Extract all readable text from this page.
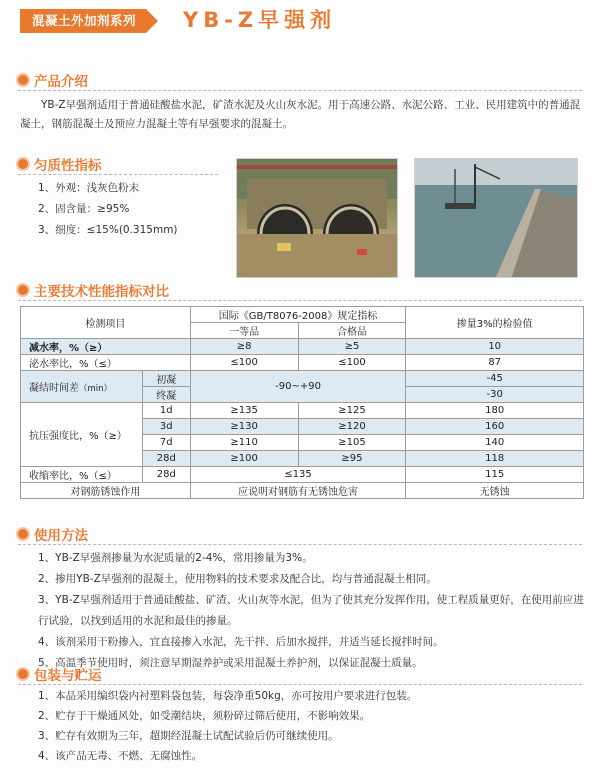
混凝土外加剂系列	YB-Z早强剂
产品介绍
YB-Z早强剂适用于普通硅酸盐水泥，矿渣水泥及火山灰水泥。用于高速公路、水泥公路、工业、民用建筑中的普通混凝土，钢筋混凝土及预应力混凝土等有早强要求的混凝土。
匀质性指标
1、外观：浅灰色粉末
2、固含量：≥95%
3、细度：≤15%(0.315mm)
主要技术性能指标对比
检测项目		国际《GB/T8076-2008》规定指标		掺量3%的检验值
		一等品	合格品	
减水率，%（≥）		≥8	≥5	10
泌水率比，%（≤）		≤100	≤100	87
凝结时间差（min）	初凝	-90~+90		-45
	终凝			-30
抗压强度比，%（≥）	1d	≥135	≥125	180
	3d	≥130	≥120	160
	7d	≥110	≥105	140
	28d	≥100	≥95	118
收缩率比，%（≤）	28d	≤135		115
对钢筋锈蚀作用		应说明对钢筋有无锈蚀危害		无锈蚀
使用方法
1、YB-Z早强剂掺量为水泥质量的2-4%，常用掺量为3%。
2、掺用YB-Z早强剂的混凝土，使用物料的技术要求及配合比，均与普通混凝土相同。
3、YB-Z早强剂适用于普通硅酸盐、矿渣、火山灰等水泥，但为了使其充分发挥作用，使工程质量更好，在使用前应进行试验，以找到适用的水泥和最佳的掺量。
4、该剂采用干粉掺入，宜直接掺入水泥，先干拌、后加水搅拌，并适当延长搅拌时间。
5、高温季节使用时，须注意早期湿养护或采用混凝土养护剂，以保证混凝土质量。
包装与贮运
1、本品采用编织袋内衬塑料袋包装，每袋净重50kg，亦可按用户要求进行包装。
2、贮存于干燥通风处，如受潮结块，须粉碎过筛后使用，不影响效果。
3、贮存有效期为三年，超期经混凝土试配试验后仍可继续使用。
4、该产品无毒、不燃、无腐蚀性。
